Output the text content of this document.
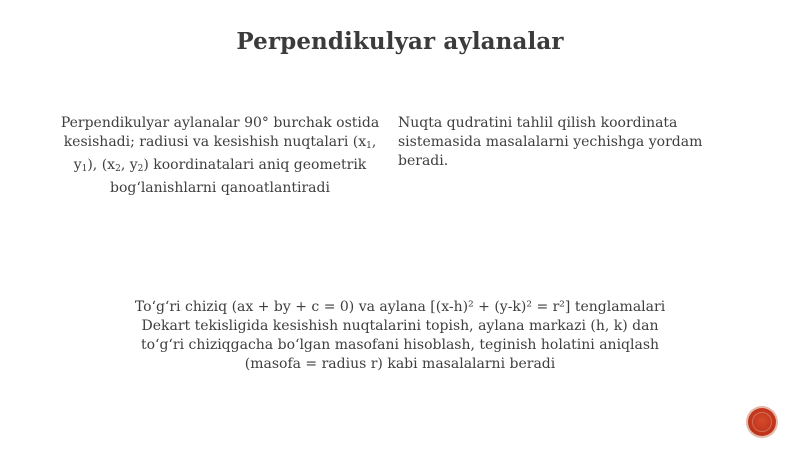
Perpendikulyar aylanalar
Perpendikulyar aylanalar 90° burchak ostida kesishadi; radiusi va kesishish nuqtalari ($x_1$, $y_1$), ($x_2$, $y_2$) koordinatalari aniq geometrik bog‘lanishlarni qanoatlantiradi
Nuqta qudratini tahlil qilish koordinata sistemasida masalalarni yechishga yordam beradi.
To‘g‘ri chiziq (ax + by + c = 0) va aylana [(x-h)² + (y-k)² = r²] tenglamalari Dekart tekisligida kesishish nuqtalarini topish, aylana markazi (h, k) dan to‘g‘ri chiziqgacha bo‘lgan masofani hisoblash, teginish holatini aniqlash (masofa = radius r) kabi masalalarni beradi
